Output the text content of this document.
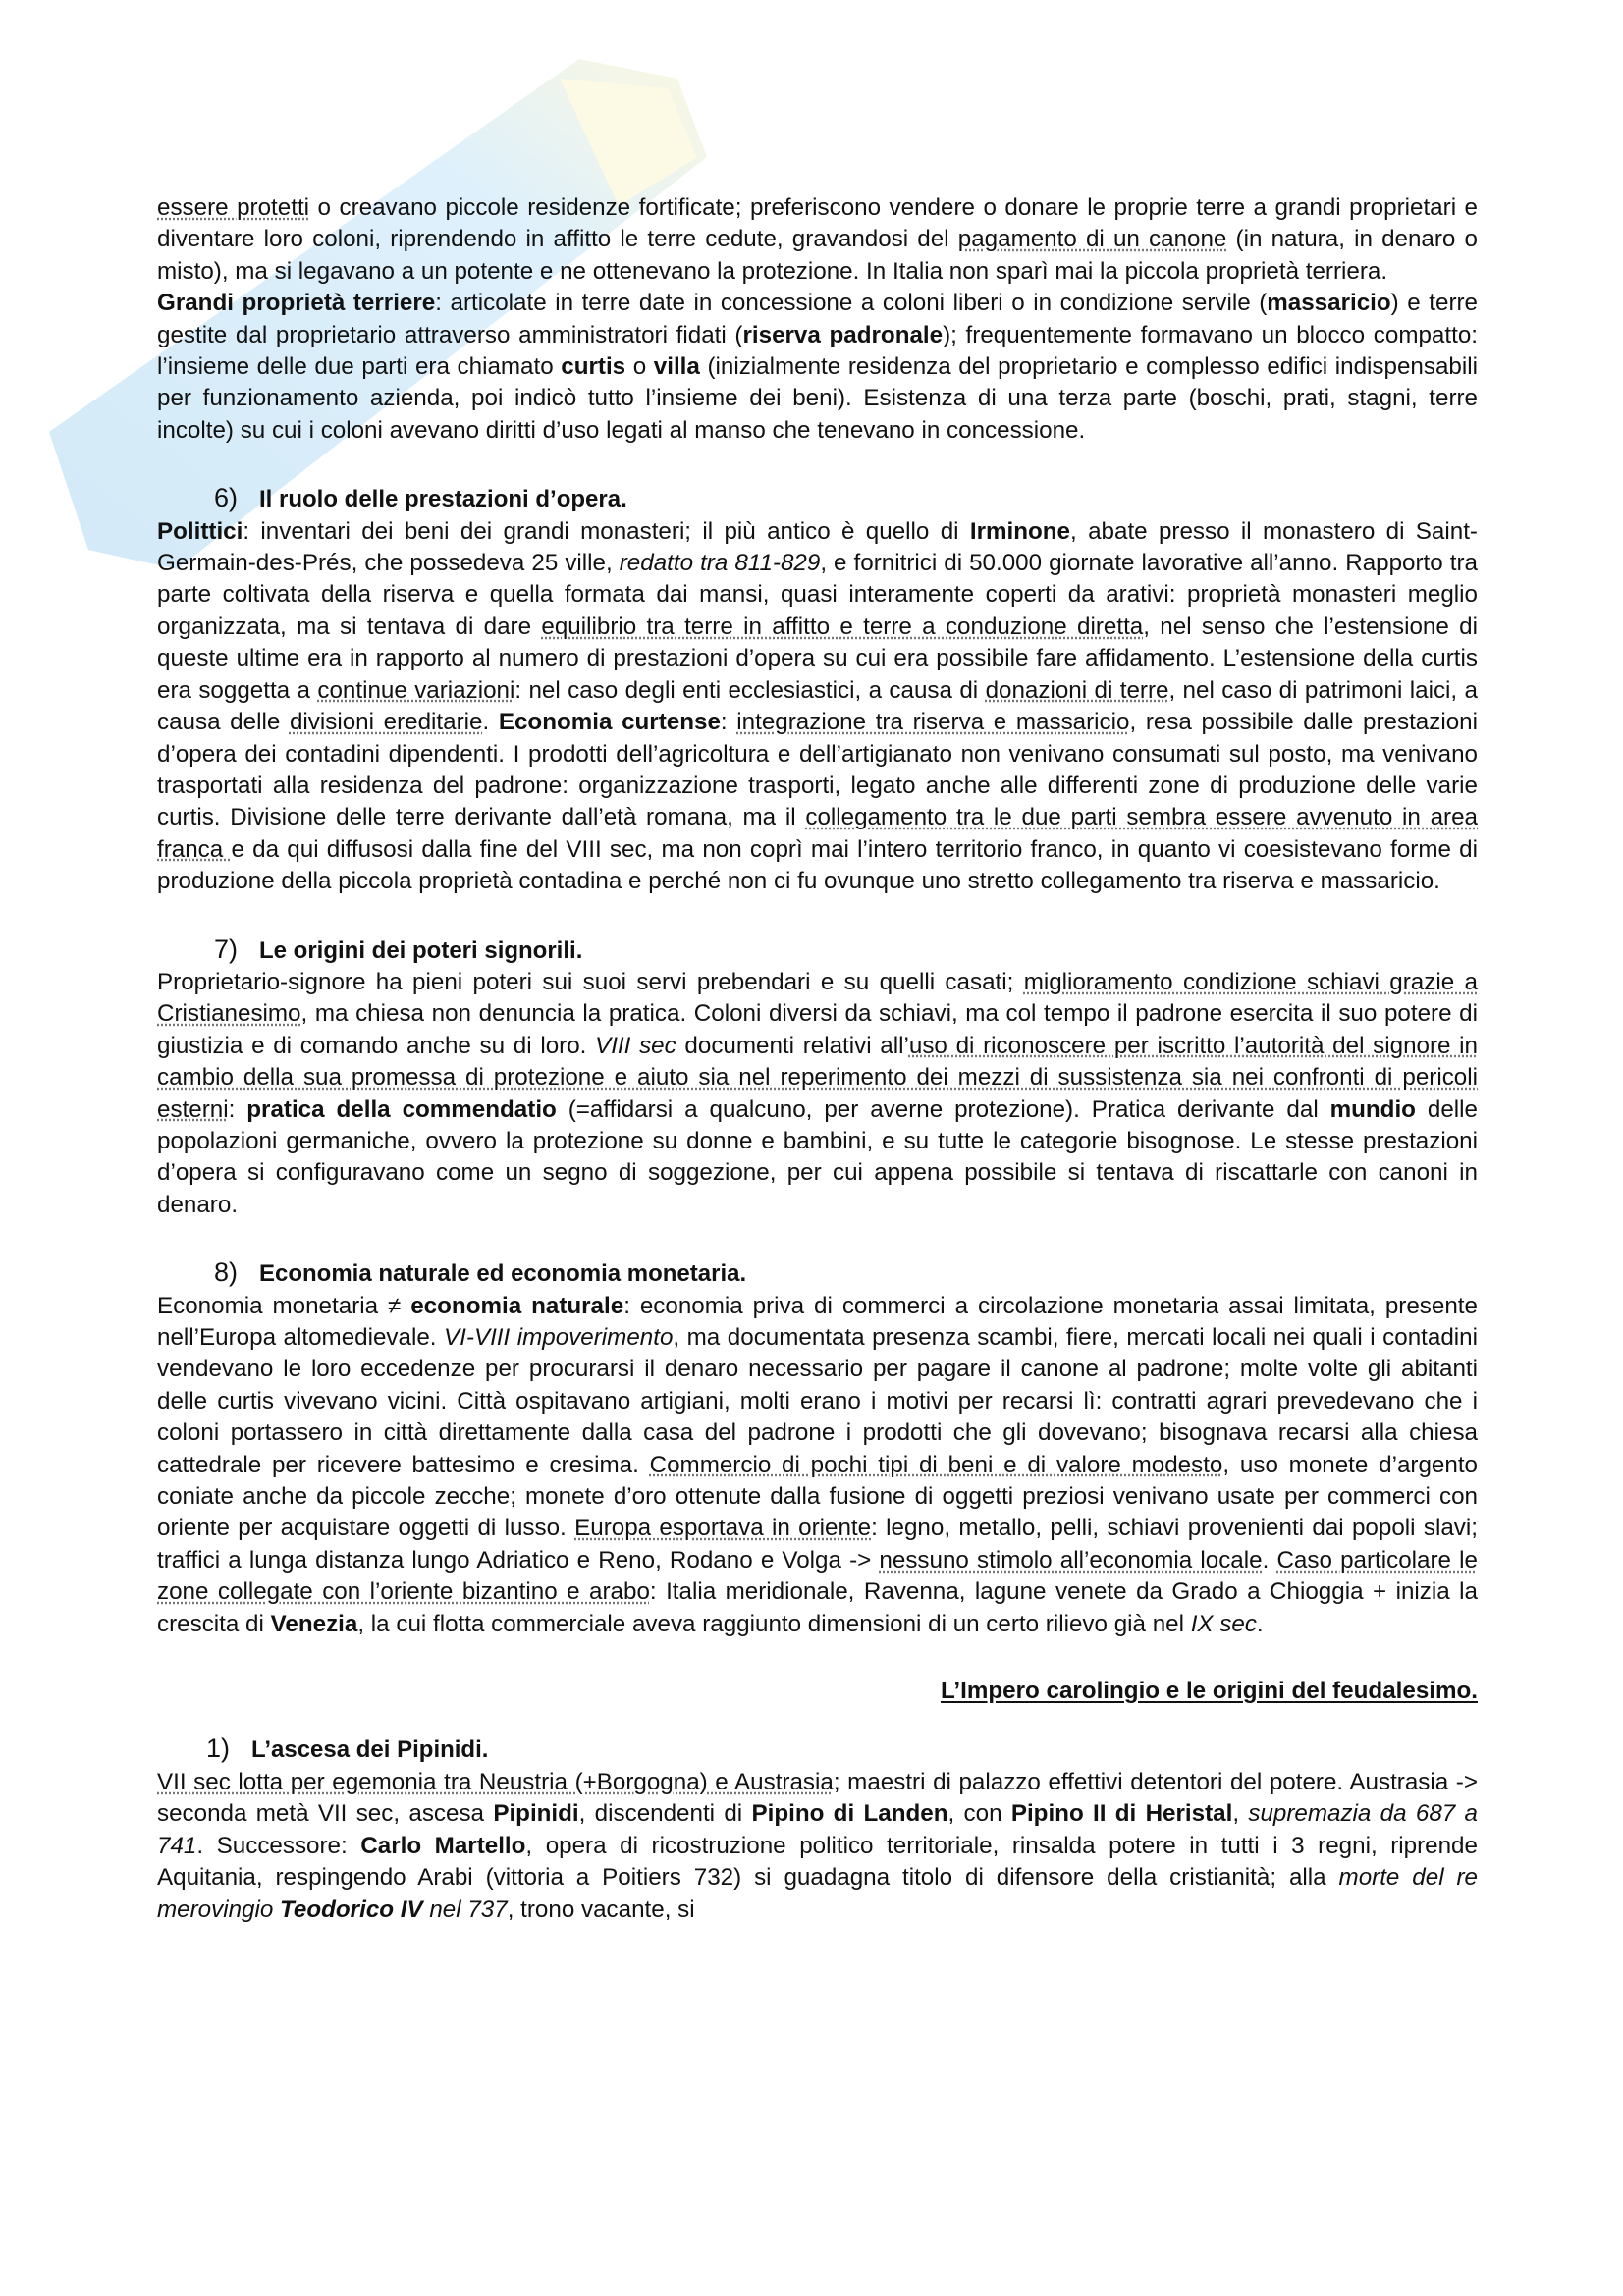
essere protetti o creavano piccole residenze fortificate; preferiscono vendere o donare le proprie terre a grandi proprietari e diventare loro coloni, riprendendo in affitto le terre cedute, gravandosi del pagamento di un canone (in natura, in denaro o misto), ma si legavano a un potente e ne ottenevano la protezione. In Italia non sparì mai la piccola proprietà terriera.

Grandi proprietà terriere: articolate in terre date in concessione a coloni liberi o in condizione servile (massaricio) e terre gestite dal proprietario attraverso amministratori fidati (riserva padronale); frequentemente formavano un blocco compatto: l’insieme delle due parti era chiamato curtis o villa (inizialmente residenza del proprietario e complesso edifici indispensabili per funzionamento azienda, poi indicò tutto l’insieme dei beni). Esistenza di una terza parte (boschi, prati, stagni, terre incolte) su cui i coloni avevano diritti d’uso legati al manso che tenevano in concessione.

6) Il ruolo delle prestazioni d’opera.

Polittici: inventari dei beni dei grandi monasteri; il più antico è quello di Irminone, abate presso il monastero di Saint-Germain-des-Prés, che possedeva 25 ville, redatto tra 811-829, e fornitrici di 50.000 giornate lavorative all’anno. Rapporto tra parte coltivata della riserva e quella formata dai mansi, quasi interamente coperti da arativi: proprietà monasteri meglio organizzata, ma si tentava di dare equilibrio tra terre in affitto e terre a conduzione diretta, nel senso che l’estensione di queste ultime era in rapporto al numero di prestazioni d’opera su cui era possibile fare affidamento. L’estensione della curtis era soggetta a continue variazioni: nel caso degli enti ecclesiastici, a causa di donazioni di terre, nel caso di patrimoni laici, a causa delle divisioni ereditarie. Economia curtense: integrazione tra riserva e massaricio, resa possibile dalle prestazioni d’opera dei contadini dipendenti. I prodotti dell’agricoltura e dell’artigianato non venivano consumati sul posto, ma venivano trasportati alla residenza del padrone: organizzazione trasporti, legato anche alle differenti zone di produzione delle varie curtis. Divisione delle terre derivante dall’età romana, ma il collegamento tra le due parti sembra essere avvenuto in area franca e da qui diffusosi dalla fine del VIII sec, ma non coprì mai l’intero territorio franco, in quanto vi coesistevano forme di produzione della piccola proprietà contadina e perché non ci fu ovunque uno stretto collegamento tra riserva e massaricio.

7) Le origini dei poteri signorili.

Proprietario-signore ha pieni poteri sui suoi servi prebendari e su quelli casati; miglioramento condizione schiavi grazie a Cristianesimo, ma chiesa non denuncia la pratica. Coloni diversi da schiavi, ma col tempo il padrone esercita il suo potere di giustizia e di comando anche su di loro. VIII sec documenti relativi all’uso di riconoscere per iscritto l’autorità del signore in cambio della sua promessa di protezione e aiuto sia nel reperimento dei mezzi di sussistenza sia nei confronti di pericoli esterni: pratica della commendatio (=affidarsi a qualcuno, per averne protezione). Pratica derivante dal mundio delle popolazioni germaniche, ovvero la protezione su donne e bambini, e su tutte le categorie bisognose. Le stesse prestazioni d’opera si configuravano come un segno di soggezione, per cui appena possibile si tentava di riscattarle con canoni in denaro.

8) Economia naturale ed economia monetaria.

Economia monetaria ≠ economia naturale: economia priva di commerci a circolazione monetaria assai limitata, presente nell’Europa altomedievale. VI-VIII impoverimento, ma documentata presenza scambi, fiere, mercati locali nei quali i contadini vendevano le loro eccedenze per procurarsi il denaro necessario per pagare il canone al padrone; molte volte gli abitanti delle curtis vivevano vicini. Città ospitavano artigiani, molti erano i motivi per recarsi lì: contratti agrari prevedevano che i coloni portassero in città direttamente dalla casa del padrone i prodotti che gli dovevano; bisognava recarsi alla chiesa cattedrale per ricevere battesimo e cresima. Commercio di pochi tipi di beni e di valore modesto, uso monete d’argento coniate anche da piccole zecche; monete d’oro ottenute dalla fusione di oggetti preziosi venivano usate per commerci con oriente per acquistare oggetti di lusso. Europa esportava in oriente: legno, metallo, pelli, schiavi provenienti dai popoli slavi; traffici a lunga distanza lungo Adriatico e Reno, Rodano e Volga -> nessuno stimolo all’economia locale. Caso particolare le zone collegate con l’oriente bizantino e arabo: Italia meridionale, Ravenna, lagune venete da Grado a Chioggia + inizia la crescita di Venezia, la cui flotta commerciale aveva raggiunto dimensioni di un certo rilievo già nel IX sec.

L’Impero carolingio e le origini del feudalesimo.

1) L’ascesa dei Pipinidi.

VII sec lotta per egemonia tra Neustria (+Borgogna) e Austrasia; maestri di palazzo effettivi detentori del potere. Austrasia -> seconda metà VII sec, ascesa Pipinidi, discendenti di Pipino di Landen, con Pipino II di Heristal, supremazia da 687 a 741. Successore: Carlo Martello, opera di ricostruzione politico territoriale, rinsalda potere in tutti i 3 regni, riprende Aquitania, respingendo Arabi (vittoria a Poitiers 732) si guadagna titolo di difensore della cristianità; alla morte del re merovingio Teodorico IV nel 737, trono vacante, si
